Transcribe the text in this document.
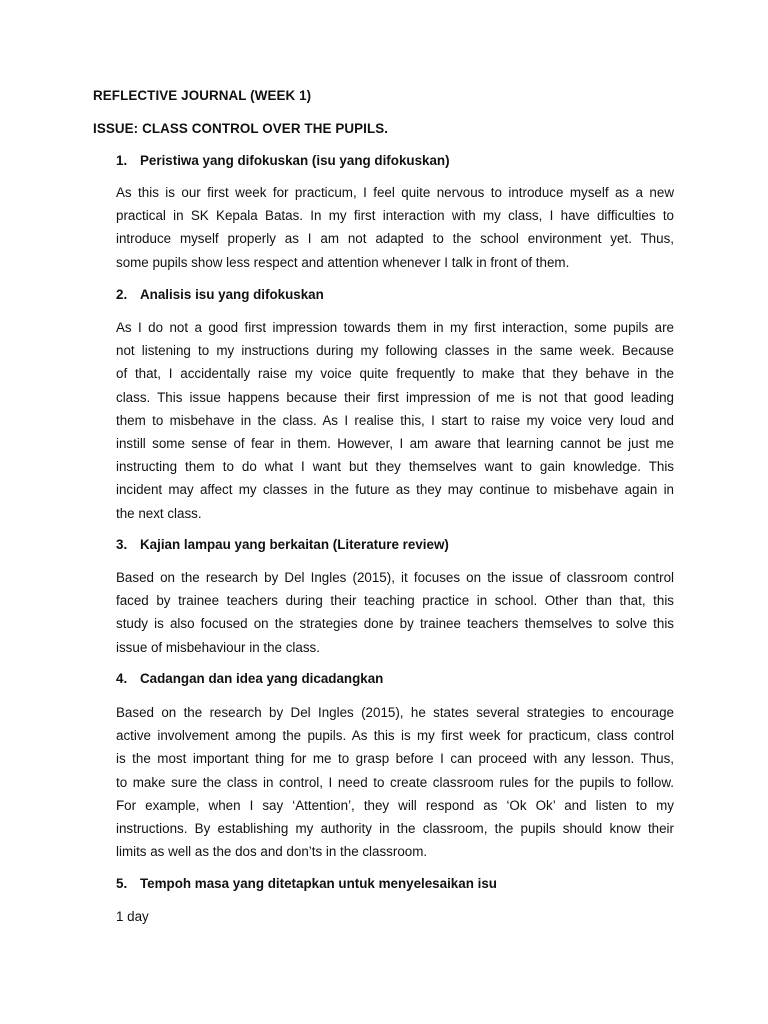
REFLECTIVE JOURNAL (WEEK 1)
ISSUE: CLASS CONTROL OVER THE PUPILS.
1. Peristiwa yang difokuskan (isu yang difokuskan)
As this is our first week for practicum, I feel quite nervous to introduce myself as a new
practical in SK Kepala Batas. In my first interaction with my class, I have difficulties to
introduce myself properly as I am not adapted to the school environment yet. Thus,
some pupils show less respect and attention whenever I talk in front of them.
2. Analisis isu yang difokuskan
As I do not a good first impression towards them in my first interaction, some pupils are
not listening to my instructions during my following classes in the same week. Because
of that, I accidentally raise my voice quite frequently to make that they behave in the
class. This issue happens because their first impression of me is not that good leading
them to misbehave in the class. As I realise this, I start to raise my voice very loud and
instill some sense of fear in them. However, I am aware that learning cannot be just me
instructing them to do what I want but they themselves want to gain knowledge. This
incident may affect my classes in the future as they may continue to misbehave again in
the next class.
3. Kajian lampau yang berkaitan (Literature review)
Based on the research by Del Ingles (2015), it focuses on the issue of classroom control
faced by trainee teachers during their teaching practice in school. Other than that, this
study is also focused on the strategies done by trainee teachers themselves to solve this
issue of misbehaviour in the class.
4. Cadangan dan idea yang dicadangkan
Based on the research by Del Ingles (2015), he states several strategies to encourage
active involvement among the pupils. As this is my first week for practicum, class control
is the most important thing for me to grasp before I can proceed with any lesson. Thus,
to make sure the class in control, I need to create classroom rules for the pupils to follow.
For example, when I say ‘Attention’, they will respond as ‘Ok Ok’ and listen to my
instructions. By establishing my authority in the classroom, the pupils should know their
limits as well as the dos and don’ts in the classroom.
5. Tempoh masa yang ditetapkan untuk menyelesaikan isu
1 day
